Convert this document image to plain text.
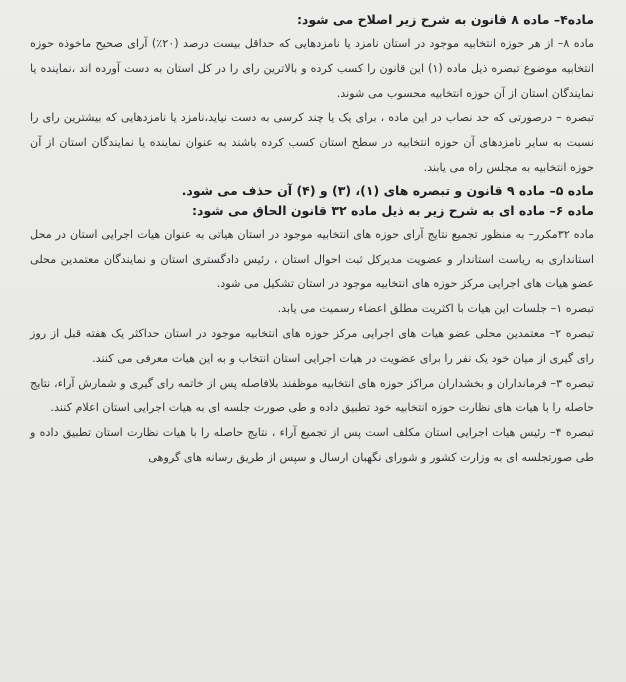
ماده۴– ماده ۸ قانون به شرح زیر اصلاح می شود:

ماده ۸– از هر حوزه انتخابیه موجود در استان نامزد یا نامزدهایی که حداقل بیست درصد (۲۰٪) آرای صحیح ماخوذه حوزه انتخابیه موضوع تبصره ذیل ماده (۱) این قانون را کسب کرده و بالاترین رای را در کل استان به دست آورده اند ،نماینده یا نمایندگان استان از آن حوزه انتخابیه محسوب می شوند.

تبصره – درصورتی که حد نصاب در این ماده ، برای یک یا چند کرسی به دست نیاید،نامزد یا نامزدهایی که بیشترین رای را نسبت به سایر نامزدهای آن حوزه انتخابیه در سطح استان کسب کرده باشند به عنوان نماینده یا نمایندگان استان از آن حوزه انتخابیه به مجلس راه می یابند.

ماده ۵– ماده ۹ قانون و تبصره های (۱)، (۳) و (۴) آن حذف می شود.

ماده ۶– ماده ای به شرح زیر به ذیل ماده ۳۲ قانون الحاق می شود:

ماده ۳۲مکرر– به منظور تجمیع نتایج آرای حوزه های انتخابیه موجود در استان هیاتی به عنوان هیات اجرایی استان در محل استانداری به ریاست استاندار و عضویت مدیرکل ثبت احوال استان ، رئیس دادگستری استان و نمایندگان معتمدین محلی عضو هیات های اجرایی مرکز حوزه های انتخابیه موجود در استان تشکیل می شود.

تبصره ۱– جلسات این هیات با اکثریت مطلق اعضاء رسمیت می یابد.

تبصره ۲– معتمدین محلی عضو هیات های اجرایی مرکز حوزه های انتخابیه موجود در استان حداکثر یک هفته قبل از روز رای گیری از میان خود یک نفر را برای عضویت در هیات اجرایی استان انتخاب و به این هیات معرفی می کنند.

تبصره ۳– فرمانداران و بخشداران مراکز حوزه های انتخابیه موظفند بلافاصله پس از خاتمه رای گیری و شمارش آراء، نتایج حاصله را با هیات های نظارت حوزه انتخابیه خود تطبیق داده و طی صورت جلسه ای به هیات اجرایی استان اعلام کنند.

تبصره ۴– رئیس هیات اجرایی استان مکلف است پس از تجمیع آراء ، نتایج حاصله را با هیات نظارت استان تطبیق داده و طی صورتجلسه ای به وزارت کشور و شورای نگهبان ارسال و سپس از طریق رسانه های گروهی
